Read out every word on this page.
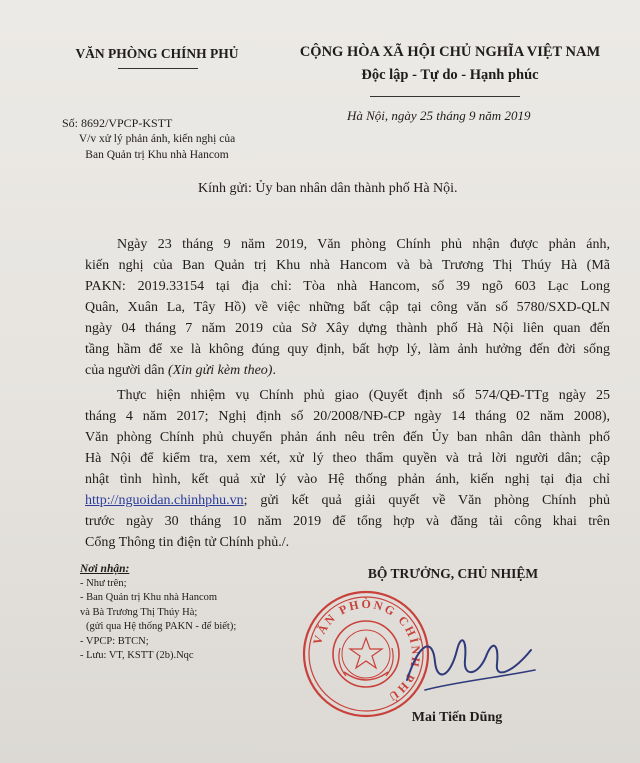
VĂN PHÒNG CHÍNH PHỦ
Số: 8692/VPCP-KSTT
V/v xử lý phản ánh, kiến nghị của
Ban Quản trị Khu nhà Hancom
CỘNG HÒA XÃ HỘI CHỦ NGHĨA VIỆT NAM
Độc lập - Tự do - Hạnh phúc
Hà Nội, ngày 25 tháng 9 năm 2019
Kính gửi: Ủy ban nhân dân thành phố Hà Nội.
Ngày 23 tháng 9 năm 2019, Văn phòng Chính phủ nhận được phản ánh,
kiến nghị của Ban Quản trị Khu nhà Hancom và bà Trương Thị Thúy Hà (Mã
PAKN: 2019.33154 tại địa chỉ: Tòa nhà Hancom, số 39 ngõ 603 Lạc Long
Quân, Xuân La, Tây Hồ) về việc những bất cập tại công văn số 5780/SXD-QLN
ngày 04 tháng 7 năm 2019 của Sở Xây dựng thành phố Hà Nội liên quan đến
tầng hầm để xe là không đúng quy định, bất hợp lý, làm ảnh hưởng đến đời sống
của người dân (Xin gửi kèm theo).
Thực hiện nhiệm vụ Chính phủ giao (Quyết định số 574/QĐ-TTg ngày 25
tháng 4 năm 2017; Nghị định số 20/2008/NĐ-CP ngày 14 tháng 02 năm 2008),
Văn phòng Chính phủ chuyển phản ánh nêu trên đến Ủy ban nhân dân thành phố
Hà Nội để kiểm tra, xem xét, xử lý theo thẩm quyền và trả lời người dân; cập
nhật tình hình, kết quả xử lý vào Hệ thống phản ánh, kiến nghị tại địa chỉ
http://nguoidan.chinhphu.vn; gửi kết quả giải quyết về Văn phòng Chính phủ
trước ngày 30 tháng 10 năm 2019 để tổng hợp và đăng tải công khai trên
Cổng Thông tin điện tử Chính phủ./.
Nơi nhận:
- Như trên;
- Ban Quản trị Khu nhà Hancom
và Bà Trương Thị Thúy Hà;
(gửi qua Hệ thống PAKN - để biết);
- VPCP: BTCN;
- Lưu: VT, KSTT (2b).Nqc
BỘ TRƯỞNG, CHỦ NHIỆM
VĂN PHÒNG CHÍNH PHỦ
Mai Tiến Dũng
